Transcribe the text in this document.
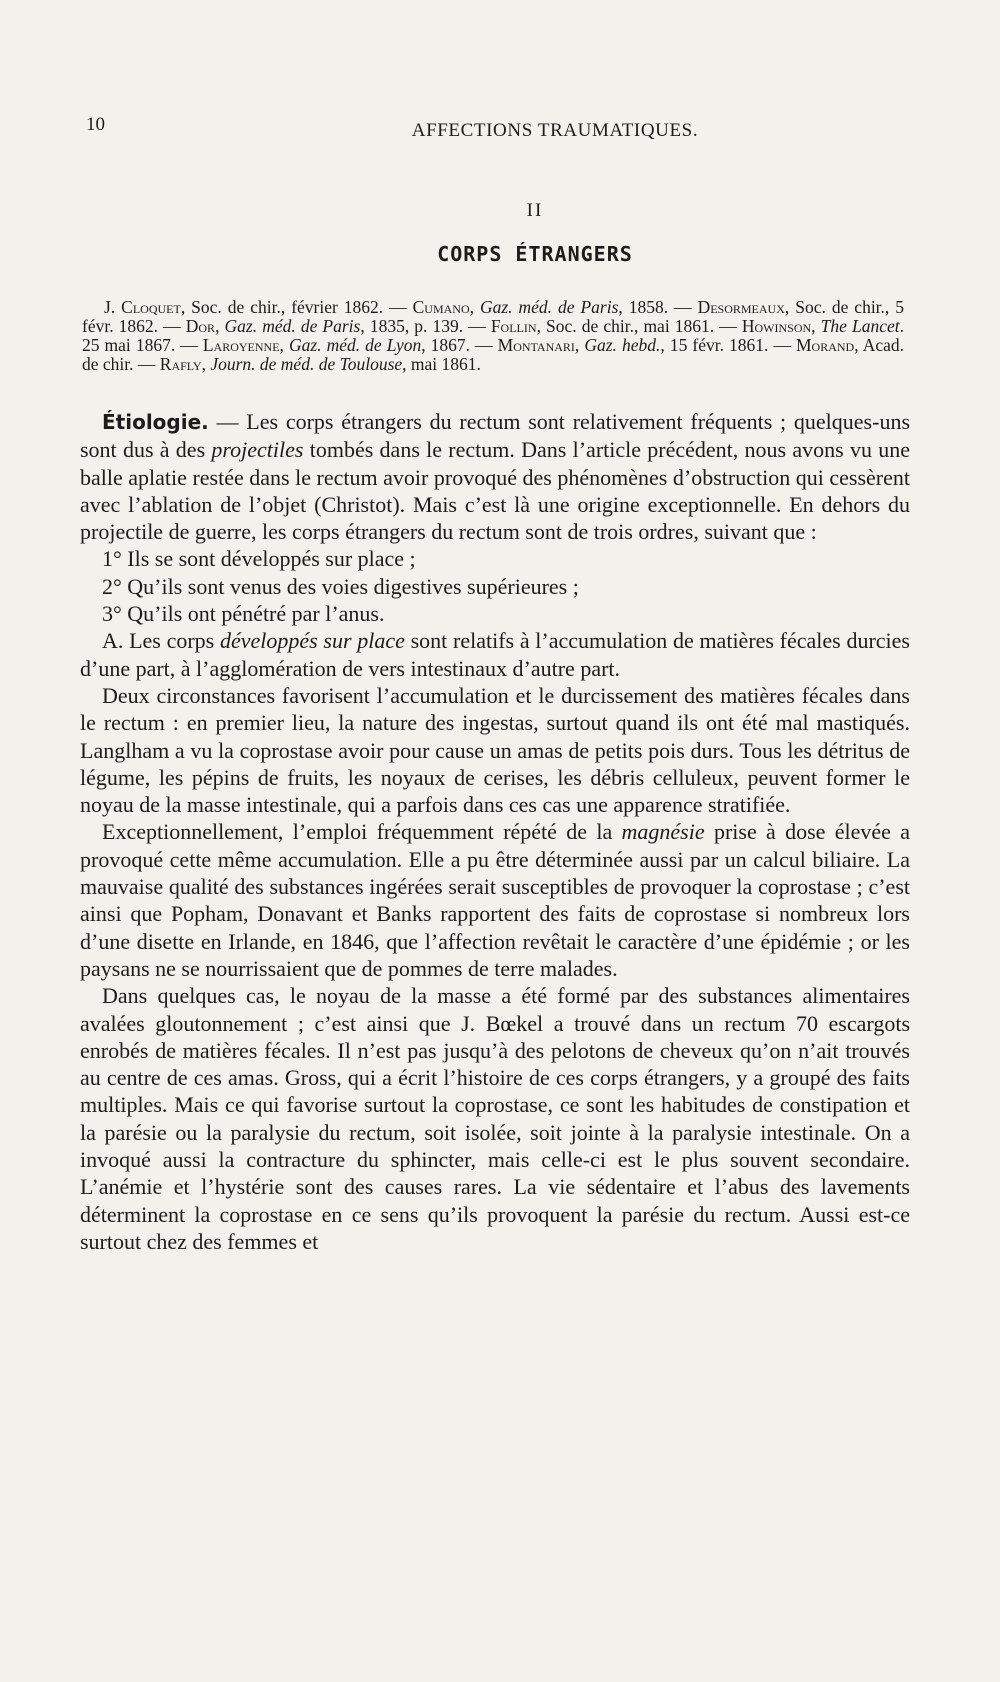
10	AFFECTIONS TRAUMATIQUES.
II
CORPS ÉTRANGERS

J. Cloquet, Soc. de chir., février 1862. — Cumano, Gaz. méd. de Paris, 1858. — Desormeaux, Soc. de chir., 5 févr. 1862. — Dor, Gaz. méd. de Paris, 1835, p. 139. — Follin, Soc. de chir., mai 1861. — Howinson, The Lancet. 25 mai 1867. — Laroyenne, Gaz. méd. de Lyon, 1867. — Montanari, Gaz. hebd., 15 févr. 1861. — Morand, Acad. de chir. — Rafly, Journ. de méd. de Toulouse, mai 1861.

Étiologie. — Les corps étrangers du rectum sont relativement fréquents ; quelques-uns sont dus à des projectiles tombés dans le rectum. Dans l’article précédent, nous avons vu une balle aplatie restée dans le rectum avoir provoqué des phénomènes d’obstruction qui cessèrent avec l’ablation de l’objet (Christot). Mais c’est là une origine exceptionnelle. En dehors du projectile de guerre, les corps étrangers du rectum sont de trois ordres, suivant que :

1° Ils se sont développés sur place ;

2° Qu’ils sont venus des voies digestives supérieures ;

3° Qu’ils ont pénétré par l’anus.

A. Les corps développés sur place sont relatifs à l’accumulation de matières fécales durcies d’une part, à l’agglomération de vers intestinaux d’autre part.

Deux circonstances favorisent l’accumulation et le durcissement des matières fécales dans le rectum : en premier lieu, la nature des ingestas, surtout quand ils ont été mal mastiqués. Langlham a vu la coprostase avoir pour cause un amas de petits pois durs. Tous les détritus de légume, les pépins de fruits, les noyaux de cerises, les débris celluleux, peuvent former le noyau de la masse intestinale, qui a parfois dans ces cas une apparence stratifiée.

Exceptionnellement, l’emploi fréquemment répété de la magnésie prise à dose élevée a provoqué cette même accumulation. Elle a pu être déterminée aussi par un calcul biliaire. La mauvaise qualité des substances ingérées serait susceptibles de provoquer la coprostase ; c’est ainsi que Popham, Donavant et Banks rapportent des faits de coprostase si nombreux lors d’une disette en Irlande, en 1846, que l’affection revêtait le caractère d’une épidémie ; or les paysans ne se nourrissaient que de pommes de terre malades.

Dans quelques cas, le noyau de la masse a été formé par des substances alimentaires avalées gloutonnement ; c’est ainsi que J. Bœkel a trouvé dans un rectum 70 escargots enrobés de matières fécales. Il n’est pas jusqu’à des pelotons de cheveux qu’on n’ait trouvés au centre de ces amas. Gross, qui a écrit l’histoire de ces corps étrangers, y a groupé des faits multiples. Mais ce qui favorise surtout la coprostase, ce sont les habitudes de constipation et la parésie ou la paralysie du rectum, soit isolée, soit jointe à la paralysie intestinale. On a invoqué aussi la contracture du sphincter, mais celle-ci est le plus souvent secondaire. L’anémie et l’hystérie sont des causes rares. La vie sédentaire et l’abus des lavements déterminent la coprostase en ce sens qu’ils provoquent la parésie du rectum. Aussi est-ce surtout chez des femmes et
